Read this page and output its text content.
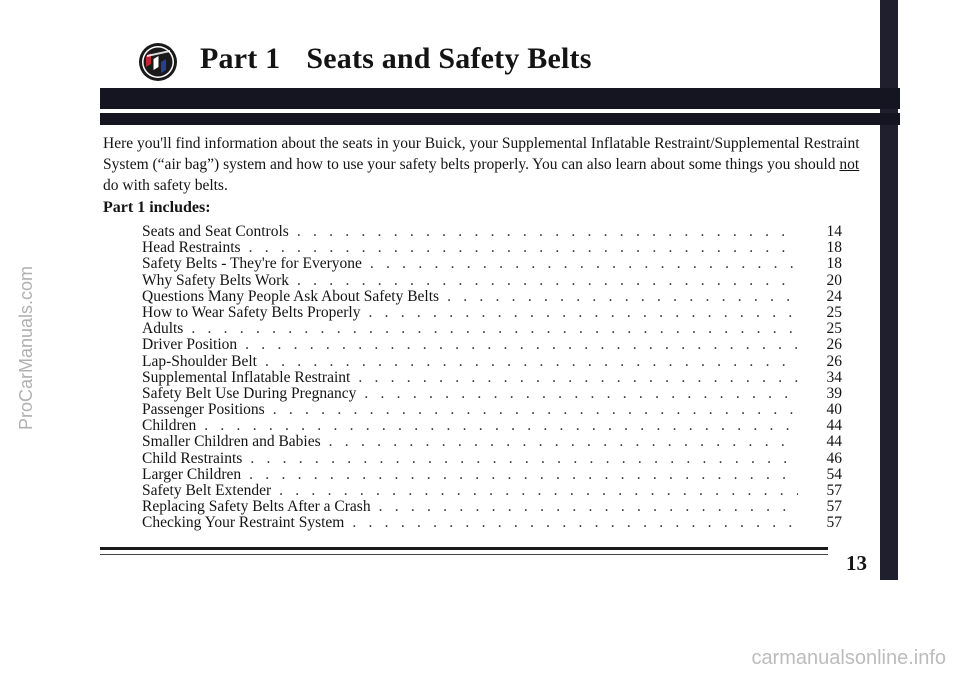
Part 1 Seats and Safety Belts

Here you'll find information about the seats in your Buick, your Supplemental Inflatable Restraint/Supplemental Restraint System (“air bag”) system and how to use your safety belts properly. You can also learn about some things you should not do with safety belts.

Part 1 includes:
Seats and Seat Controls . . .	14
Head Restraints . . .	18
Safety Belts - They're for Everyone . . .	18
Why Safety Belts Work . . .	20
Questions Many People Ask About Safety Belts . . .	24
How to Wear Safety Belts Properly . . .	25
Adults . . .	25
Driver Position . . .	26
Lap-Shoulder Belt . . .	26
Supplemental Inflatable Restraint . . .	34
Safety Belt Use During Pregnancy . . .	39
Passenger Positions . . .	40
Children . . .	44
Smaller Children and Babies . . .	44
Child Restraints . . .	46
Larger Children . . .	54
Safety Belt Extender . . .	57
Replacing Safety Belts After a Crash . . .	57
Checking Your Restraint System . . .	57

13

ProCarManuals.com

carmanualsonline.info
